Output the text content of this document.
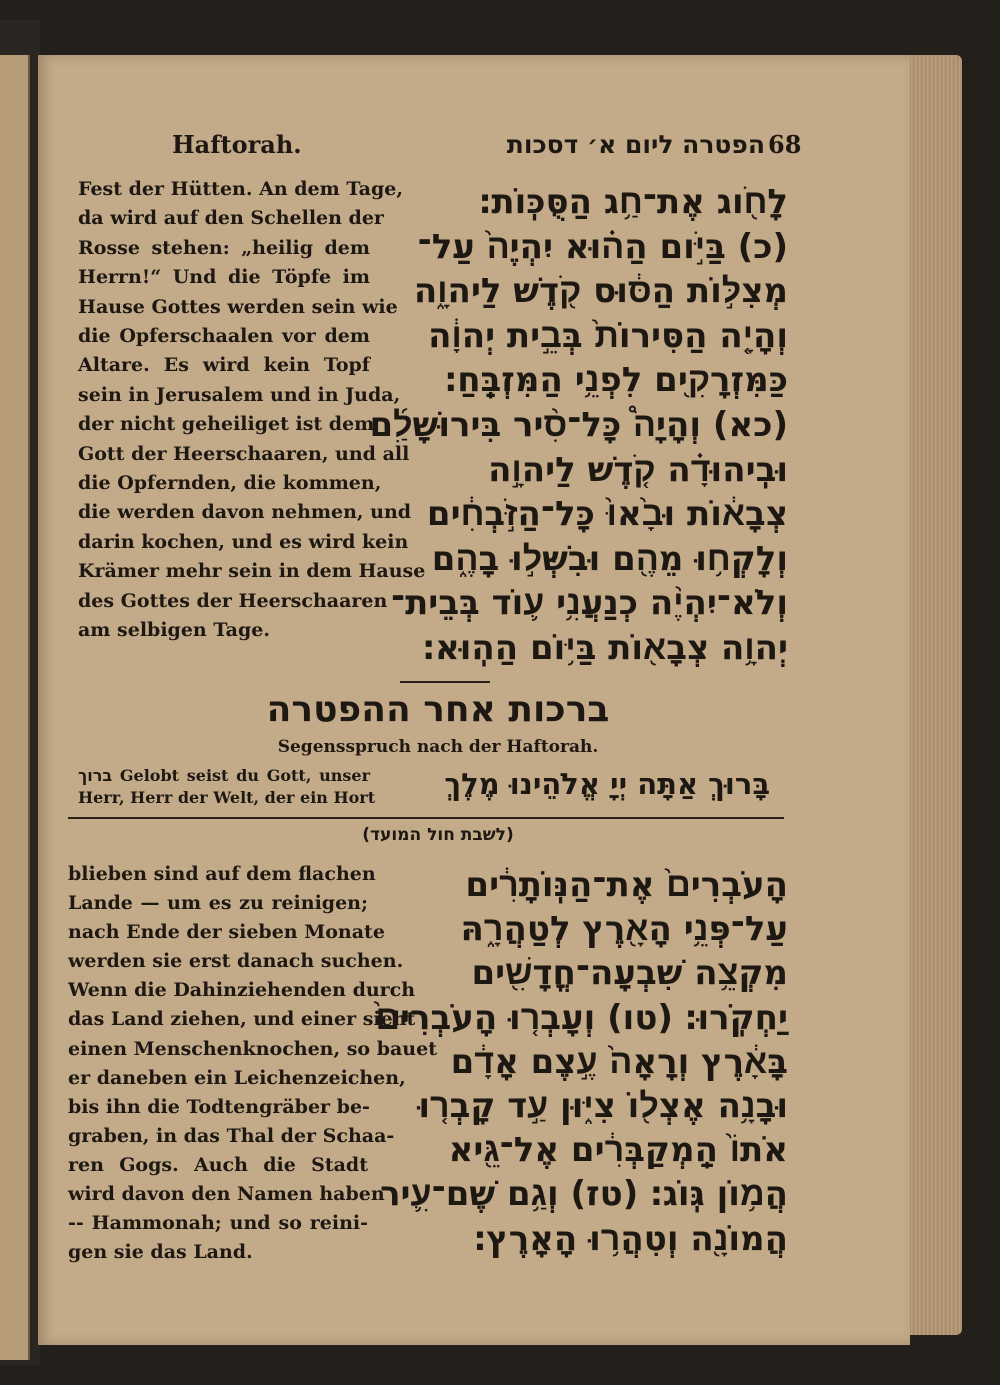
Haftorah.	הפטרה ליום א׳ דסכות 68
לָחֹ֖וג אֶת־חַ֥ג הַסֻּכּֽוֹת׃
(כ) בַּיֹּ֣ום הַה֗וּא יִהְיֶה֙ עַל־
מְצִלּ֣וֹת הַסּ֔וּס קֹ֖דֶשׁ לַיהוָ֑ה
וְהָיָ֤ה הַסִּירוֹת֙ בְּבֵ֣ית יְהוָ֔ה
כַּמִּזְרָקִ֖ים לִפְנֵ֥י הַמִּזְבֵּֽחַ׃
(כא) וְהָיָה֩ כָּל־סִ֨יר בִּירוּשָׁלִַ֜ם
וּבִֽיהוּדָ֗ה קֹ֚דֶשׁ לַיהוָ֣ה
צְבָא֔וֹת וּבָ֙אוּ֙ כָּל־הַזֹּ֣בְחִ֔ים
וְלָקְח֥וּ מֵהֶ֖ם וּבִשְּׁל֣וּ בָהֶ֑ם
וְלֹא־יִהְיֶ֨ה כְנַעֲנִ֥י ע֛וֹד בְּבֵית־
יְהוָ֥ה צְבָא֖וֹת בַּיּ֥וֹם הַהֽוּא׃
Fest der Hütten. An dem Tage,
da wird auf den Schellen der
Rosse stehen: „heilig dem
Herrn!“ Und die Töpfe im
Hause Gottes werden sein wie
die Opferschaalen vor dem
Altare. Es wird kein Topf
sein in Jerusalem und in Juda,
der nicht geheiliget ist dem
Gott der Heerschaaren, und all
die Opfernden, die kommen,
die werden davon nehmen, und
darin kochen, und es wird kein
Krämer mehr sein in dem Hause
des Gottes der Heerschaaren
am selbigen Tage.
ברכות אחר ההפטרה
Segensspruch nach der Haftorah.
בָּרוּךְ אַתָּה יְיָ אֱלֹהֵינוּ מֶלֶךְ
ברוך Gelobt seist du Gott, unser
Herr, Herr der Welt, der ein Hort
(לשבת חול המועד)
הָעֹבְרִים֙ אֶת־הַנּֽוֹתָרִ֔ים
עַל־פְּנֵ֥י הָאָ֖רֶץ לְטַהֲרָ֑הּ
מִקְצֵ֥ה שִׁבְעָֽה־חֳדָשִׁ֖ים
יַחְקֹֽרוּ׃ (טו) וְעָבְר֤וּ הָעֹבְרִים֙
בָּאָ֔רֶץ וְרָאָה֙ עֶ֣צֶם אָדָ֔ם
וּבָנָ֥ה אֶצְל֖וֹ צִיּ֑וּן עַ֣ד קָבְר֤וּ
אֹתוֹ֙ הַֽמְקַבְּרִ֔ים אֶל־גֵּ֖יא
הֲמ֥וֹן גּֽוֹג׃ (טז) וְגַ֥ם שֶׁם־עִ֛יר
הֲמוֹנָ֖ה וְטִהֲר֥וּ הָאָֽרֶץ׃
blieben sind auf dem flachen
Lande — um es zu reinigen;
nach Ende der sieben Monate
werden sie erst danach suchen.
Wenn die Dahinziehenden durch
das Land ziehen, und einer sieht
einen Menschenknochen, so bauet
er daneben ein Leichenzeichen,
bis ihn die Todtengräber be-
graben, in das Thal der Schaa-
ren Gogs. Auch die Stadt
wird davon den Namen haben
-- Hammonah; und so reini-
gen sie das Land.
